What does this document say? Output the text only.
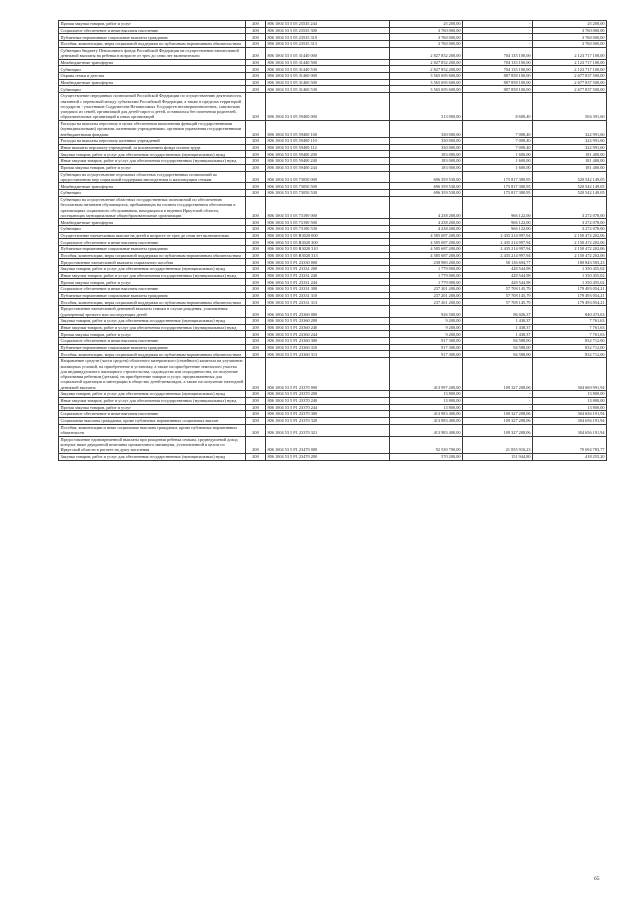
Прочая закупка товаров, работ и услуг	200	806 1004 53 5 05 23535 244	25 200,00	-	25 200,00
Социальное обеспечение и иные выплаты населению	200	806 1004 53 5 05 23535 300	3 760 000,00	-	3 760 000,00
Публичные нормативные социальные выплаты гражданам	200	806 1004 53 5 05 23535 310	3 760 000,00	-	3 760 000,00
Пособия, компенсации, меры социальной поддержки по публичным нормативным обязательствам	200	806 1004 53 5 05 23535 313	3 760 000,00	-	3 760 000,00
Субвенции бюджету Пенсионного фонда Российской Федерации на осуществление ежемесячной денежной выплаты на ребенка в возрасте от трех до семи лет включительно	200	806 1004 53 5 05 31440 000	2 827 852 200,00	704 135 100,00	2 123 717 100,00
Межбюджетные трансферты	200	806 1004 53 5 05 31440 500	2 827 852 200,00	704 135 100,00	2 123 717 100,00
Субвенции	200	806 1004 53 5 05 31440 530	2 827 852 200,00	704 135 100,00	2 123 717 100,00
Охрана семьи и детства	200	806 1004 53 5 05 31460 000	3 565 695 600,00	887 858 100,00	2 677 837 500,00
Межбюджетные трансферты	200	806 1004 53 5 05 31460 500	3 565 695 600,00	887 858 100,00	2 677 837 500,00
Субвенции	200	806 1004 53 5 05 31460 530	3 565 695 600,00	887 858 100,00	2 677 837 500,00
Осуществление переданных полномочий Российской Федерации по осуществлению деятельности, связанной с перевозкой между субъектами Российской Федерации, а также в пределах территорий государств - участников Содружества Независимых Государств несовершеннолетних, самовольно ушедших из семей, организаций для детей-сирот и детей, оставшихся без попечения родителей, образовательных организаций и иных организаций	200	806 1004 53 5 05 59400 000	513 000,00	8 608,40	504 391,60
Расходы на выплаты персоналу в целях обеспечения выполнения функций государственными (муниципальными) органами, казенными учреждениями, органами управления государственными внебюджетными фондами	200	806 1004 53 5 05 59400 100	330 000,00	7 008,40	322 991,60
Расходы на выплаты персоналу казенных учреждений	200	806 1004 53 5 05 59400 110	330 000,00	7 008,40	322 991,60
Иные выплаты персоналу учреждений, за исключением фонда оплаты труда	200	806 1004 53 5 05 59400 112	330 000,00	7 008,40	322 991,60
Закупка товаров, работ и услуг для обеспечения государственных (муниципальных) нужд	200	806 1004 53 5 05 59400 200	183 000,00	1 600,00	181 400,00
Иные закупки товаров, работ и услуг для обеспечения государственных (муниципальных) нужд	200	806 1004 53 5 05 59400 240	183 000,00	1 600,00	181 400,00
Прочая закупка товаров, работ и услуг	200	806 1004 53 5 05 59400 244	183 000,00	1 600,00	181 400,00
Субвенции на осуществление отдельных областных государственных полномочий по предоставлению мер социальной поддержки многодетным и малоимущим семьям	200	806 1004 53 5 05 73050 000	696 359 530,00	175 817 380,95	520 542 149,05
Межбюджетные трансферты	200	806 1004 53 5 05 73050 500	696 359 530,00	175 817 380,95	520 542 149,05
Субвенции	200	806 1004 53 5 05 73050 530	696 359 530,00	175 817 380,95	520 542 149,05
Субвенции на осуществление областных государственных полномочий по обеспечению бесплатным питанием обучающихся, пребывающих на полном государственном обеспечении в организациях социального обслуживания, находящихся в ведении Иркутской области, посещающих муниципальные общеобразовательные организации	200	806 1004 53 5 05 73190 000	4 238 200,00	966 122,00	3 272 078,00
Межбюджетные трансферты	200	806 1004 53 5 05 73190 500	4 238 200,00	966 122,00	3 272 078,00
Субвенции	200	806 1004 53 5 05 73190 530	4 238 200,00	966 122,00	3 272 078,00
Осуществление ежемесячных выплат на детей в возрасте от трех до семи лет включительно	200	806 1004 53 5 05 R3020 000	4 585 687 200,00	2 435 214 997,94	2 150 472 202,06
Социальное обеспечение и иные выплаты населению	200	806 1004 53 5 05 R3020 300	4 585 687 200,00	2 435 214 997,94	2 150 472 202,06
Публичные нормативные социальные выплаты гражданам	200	806 1004 53 5 05 R3020 310	4 585 687 200,00	2 435 214 997,94	2 150 472 202,06
Пособия, компенсации, меры социальной поддержки по публичным нормативным обязательствам	200	806 1004 53 5 05 R3020 313	4 585 687 200,00	2 435 214 997,94	2 150 472 202,06
Предоставление ежемесячной выплаты социального пособия	200	806 1004 53 5 P1 23330 000	238 980 200,00	58 136 694,77	180 843 505,23
Закупка товаров, работ и услуг для обеспечения государственных (муниципальных) нужд	200	806 1004 53 5 P1 23331 200	1 779 000,00	428 544,98	1 350 455,02
Иные закупки товаров, работ и услуг для обеспечения государственных (муниципальных) нужд	200	806 1004 53 5 P1 23331 240	1 779 000,00	428 544,98	1 350 455,02
Прочая закупка товаров, работ и услуг	200	806 1004 53 5 P1 23331 244	1 779 000,00	428 544,98	1 350 455,02
Социальное обеспечение и иные выплаты населению	200	806 1004 53 5 P1 23331 300	237 201 200,00	57 708 145,79	179 493 054,21
Публичные нормативные социальные выплаты гражданам	200	806 1004 53 5 P1 23331 310	237 201 200,00	57 708 145,79	179 493 054,21
Пособия, компенсации, меры социальной поддержки по публичным нормативным обязательствам	200	806 1004 53 5 P1 23331 313	237 201 200,00	57 708 145,79	179 493 054,21
Предоставление ежемесячной денежной выплаты семьям в случае рождения, усыновления (удочерения) третьего или последующих детей	200	806 1004 53 5 P1 23360 000	926 500,00	86 026,37	840 473,63
Закупка товаров, работ и услуг для обеспечения государственных (муниципальных) нужд	200	806 1004 53 5 P1 23360 200	9 200,00	1 438,37	7 761,63
Иные закупки товаров, работ и услуг для обеспечения государственных (муниципальных) нужд	200	806 1004 53 5 P1 23360 240	9 200,00	1 438,37	7 761,63
Прочая закупка товаров, работ и услуг	200	806 1004 53 5 P1 23360 244	9 200,00	1 438,37	7 761,63
Социальное обеспечение и иные выплаты населению	200	806 1004 53 5 P1 23360 300	917 300,00	84 588,00	832 712,00
Публичные нормативные социальные выплаты гражданам	200	806 1004 53 5 P1 23360 310	917 300,00	84 588,00	832 712,00
Пособия, компенсации, меры социальной поддержки по публичным нормативным обязательствам	200	806 1004 53 5 P1 23360 313	917 300,00	84 588,00	832 712,00
Направление средств (части средств) областного материнского (семейного) капитала на улучшение жилищных условий, на приобретение и установку, а также на приобретение земельного участка для индивидуального жилищного строительства, садоводства или огородничества, на получение образования ребенком (детьми), на приобретение товаров и услуг, предназначенных для социальной адаптации и интеграции в общество детей-инвалидов, а также на получение ежегодной денежной выплаты	200	806 1004 53 5 P1 23370 000	413 997 200,00	109 327 208,06	304 669 991,94
Закупка товаров, работ и услуг для обеспечения государственных (муниципальных) нужд	200	806 1004 53 5 P1 23370 200	13 800,00	-	13 800,00
Иные закупки товаров, работ и услуг для обеспечения государственных (муниципальных) нужд	200	806 1004 53 5 P1 23370 240	13 800,00	-	13 800,00
Прочая закупка товаров, работ и услуг	200	806 1004 53 5 P1 23370 244	13 800,00	-	13 800,00
Социальное обеспечение и иные выплаты населению	200	806 1004 53 5 P1 23370 300	413 983 400,00	109 327 208,06	304 656 191,94
Социальные выплаты гражданам, кроме публичных нормативных социальных выплат	200	806 1004 53 5 P1 23370 320	413 983 400,00	109 327 208,06	304 656 191,94
Пособия, компенсации и иные социальные выплаты гражданам, кроме публичных нормативных обязательств	200	806 1004 53 5 P1 23370 321	413 983 400,00	109 327 208,06	304 656 191,94
Предоставление единовременной выплаты при рождении ребенка семьям, среднедушевой доход которых ниже двукратной величины прожиточного минимума, установленной в целом по Иркутской области в расчете на душу населения	200	806 1004 53 5 P1 23470 000	92 530 700,00	21 835 916,23	70 694 783,77
Закупка товаров, работ и услуг для обеспечения государственных (муниципальных) нужд	200	806 1004 53 5 P1 23470 200	570 200,00	151 944,80	418 255,20
65
